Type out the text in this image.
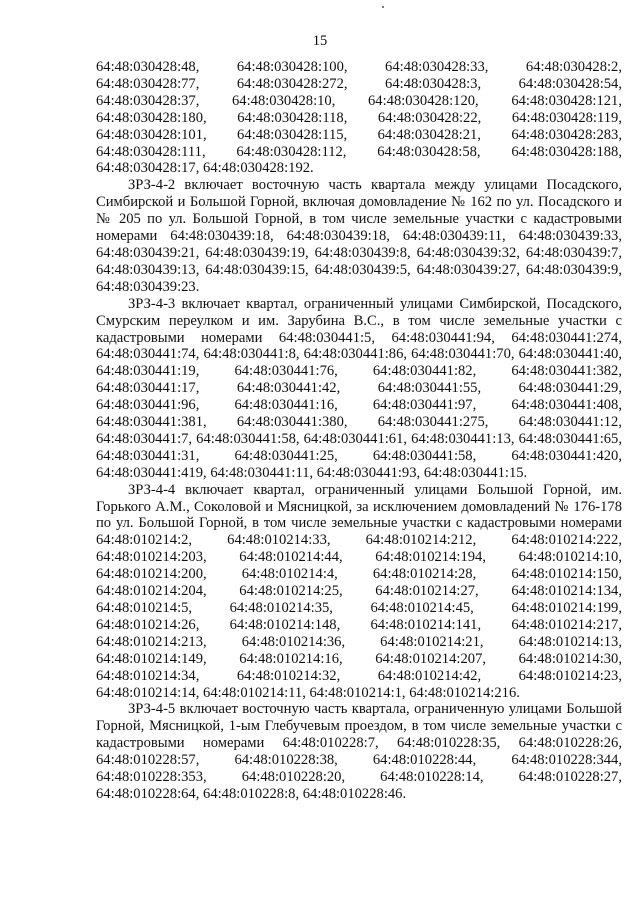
15

64:48:030428:48, 64:48:030428:100, 64:48:030428:33, 64:48:030428:2, 64:48:030428:77, 64:48:030428:272, 64:48:030428:3, 64:48:030428:54, 64:48:030428:37, 64:48:030428:10, 64:48:030428:120, 64:48:030428:121, 64:48:030428:180, 64:48:030428:118, 64:48:030428:22, 64:48:030428:119, 64:48:030428:101, 64:48:030428:115, 64:48:030428:21, 64:48:030428:283, 64:48:030428:111, 64:48:030428:112, 64:48:030428:58, 64:48:030428:188, 64:48:030428:17, 64:48:030428:192.

ЗРЗ-4-2 включает восточную часть квартала между улицами Посадского, Симбирской и Большой Горной, включая домовладение № 162 по ул. Посадского и № 205 по ул. Большой Горной, в том числе земельные участки с кадастровыми номерами 64:48:030439:18, 64:48:030439:18, 64:48:030439:11, 64:48:030439:33, 64:48:030439:21, 64:48:030439:19, 64:48:030439:8, 64:48:030439:32, 64:48:030439:7, 64:48:030439:13, 64:48:030439:15, 64:48:030439:5, 64:48:030439:27, 64:48:030439:9, 64:48:030439:23.

ЗРЗ-4-3 включает квартал, ограниченный улицами Симбирской, Посадского, Смурским переулком и им. Зарубина В.С., в том числе земельные участки с кадастровыми номерами 64:48:030441:5, 64:48:030441:94, 64:48:030441:274, 64:48:030441:74, 64:48:030441:8, 64:48:030441:86, 64:48:030441:70, 64:48:030441:40, 64:48:030441:19, 64:48:030441:76, 64:48:030441:82, 64:48:030441:382, 64:48:030441:17, 64:48:030441:42, 64:48:030441:55, 64:48:030441:29, 64:48:030441:96, 64:48:030441:16, 64:48:030441:97, 64:48:030441:408, 64:48:030441:381, 64:48:030441:380, 64:48:030441:275, 64:48:030441:12, 64:48:030441:7, 64:48:030441:58, 64:48:030441:61, 64:48:030441:13, 64:48:030441:65, 64:48:030441:31, 64:48:030441:25, 64:48:030441:58, 64:48:030441:420, 64:48:030441:419, 64:48:030441:11, 64:48:030441:93, 64:48:030441:15.

ЗРЗ-4-4 включает квартал, ограниченный улицами Большой Горной, им. Горького А.М., Соколовой и Мясницкой, за исключением домовладений № 176-178 по ул. Большой Горной, в том числе земельные участки с кадастровыми номерами 64:48:010214:2, 64:48:010214:33, 64:48:010214:212, 64:48:010214:222, 64:48:010214:203, 64:48:010214:44, 64:48:010214:194, 64:48:010214:10, 64:48:010214:200, 64:48:010214:4, 64:48:010214:28, 64:48:010214:150, 64:48:010214:204, 64:48:010214:25, 64:48:010214:27, 64:48:010214:134, 64:48:010214:5, 64:48:010214:35, 64:48:010214:45, 64:48:010214:199, 64:48:010214:26, 64:48:010214:148, 64:48:010214:141, 64:48:010214:217, 64:48:010214:213, 64:48:010214:36, 64:48:010214:21, 64:48:010214:13, 64:48:010214:149, 64:48:010214:16, 64:48:010214:207, 64:48:010214:30, 64:48:010214:34, 64:48:010214:32, 64:48:010214:42, 64:48:010214:23, 64:48:010214:14, 64:48:010214:11, 64:48:010214:1, 64:48:010214:216.

ЗРЗ-4-5 включает восточную часть квартала, ограниченную улицами Большой Горной, Мясницкой, 1-ым Глебучевым проездом, в том числе земельные участки с кадастровыми номерами 64:48:010228:7, 64:48:010228:35, 64:48:010228:26, 64:48:010228:57, 64:48:010228:38, 64:48:010228:44, 64:48:010228:344, 64:48:010228:353, 64:48:010228:20, 64:48:010228:14, 64:48:010228:27, 64:48:010228:64, 64:48:010228:8, 64:48:010228:46.
